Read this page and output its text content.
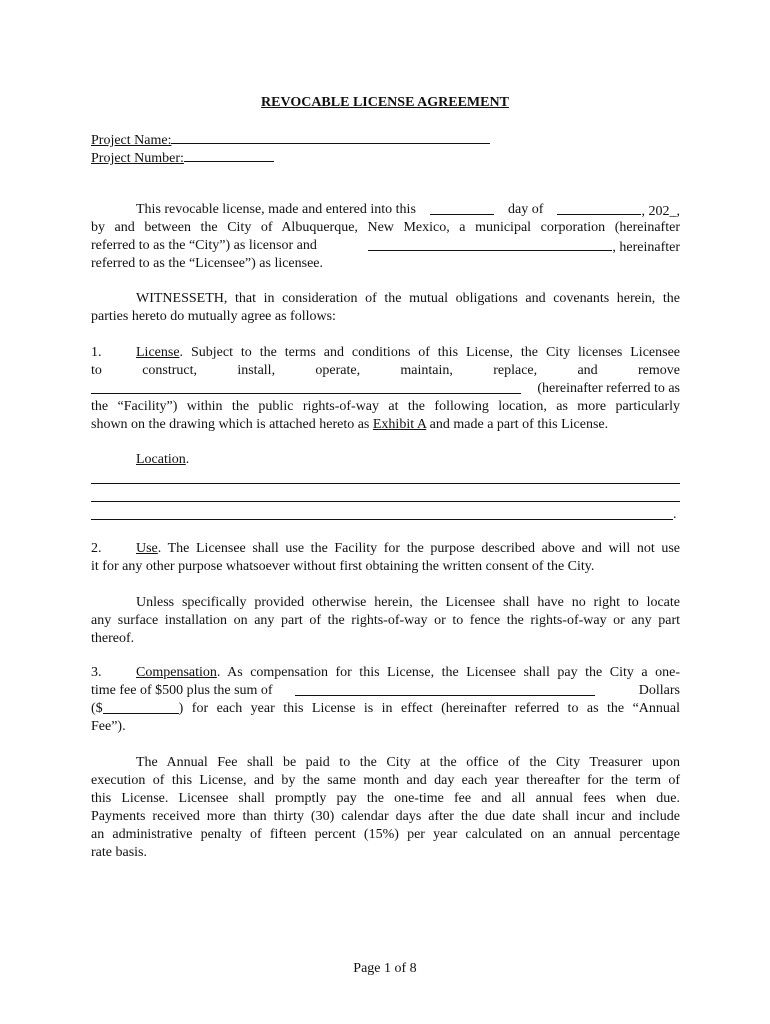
REVOCABLE LICENSE AGREEMENT
Project Name:
Project Number:
This revocable license, made and entered into this	day of	, 202_,
by and between the City of Albuquerque, New Mexico, a municipal corporation (hereinafter
referred to as the “City”) as licensor and	, hereinafter
referred to as the “Licensee”) as licensee.
WITNESSETH, that in consideration of the mutual obligations and covenants herein, the
parties hereto do mutually agree as follows:
1. License . Subject to the terms and conditions of this License, the City licenses Licensee
to	construct,	install,	operate,	maintain,	replace,	and	remove
(hereinafter referred to as
the “Facility”) within the public rights-of-way at the following location, as more particularly
shown on the drawing which is attached hereto as Exhibit A and made a part of this License.
Location.
.
2. Use . The Licensee shall use the Facility for the purpose described above and will not use
it for any other purpose whatsoever without first obtaining the written consent of the City.
Unless specifically provided otherwise herein, the Licensee shall have no right to locate
any surface installation on any part of the rights-of-way or to fence the rights-of-way or any part
thereof.
3. Compensation . As compensation for this License, the Licensee shall pay the City a one-
time fee of $500 plus the sum of	Dollars
($	) for each year this License is in effect (hereinafter referred to as the “Annual
Fee”).
The Annual Fee shall be paid to the City at the office of the City Treasurer upon
execution of this License, and by the same month and day each year thereafter for the term of
this License. Licensee shall promptly pay the one-time fee and all annual fees when due.
Payments received more than thirty (30) calendar days after the due date shall incur and include
an administrative penalty of fifteen percent (15%) per year calculated on an annual percentage
rate basis.
Page 1 of 8
